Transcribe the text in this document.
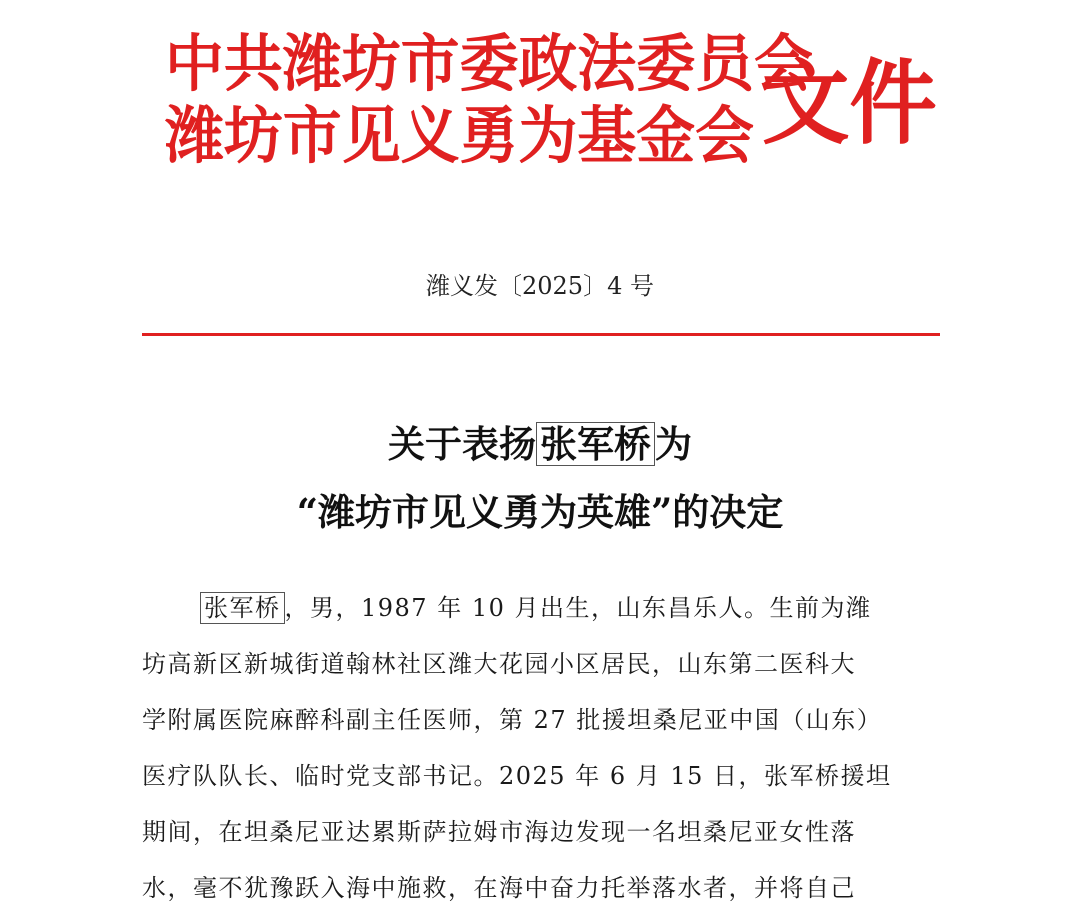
中共潍坊市委政法委员会
潍坊市见义勇为基金会 文件
潍义发〔2025〕4 号
关于表扬 张军桥 为
“潍坊市见义勇为英雄”的决定
张军桥 ，男，1987 年 10 月出生，山东昌乐人。生前为潍
坊高新区新城街道翰林社区潍大花园小区居民，山东第二医科大
学附属医院麻醉科副主任医师，第 27 批援坦桑尼亚中国（山东）
医疗队队长、临时党支部书记。2025 年 6 月 15 日，张军桥援坦
期间，在坦桑尼亚达累斯萨拉姆市海边发现一名坦桑尼亚女性落
水，毫不犹豫跃入海中施救，在海中奋力托举落水者，并将自己
